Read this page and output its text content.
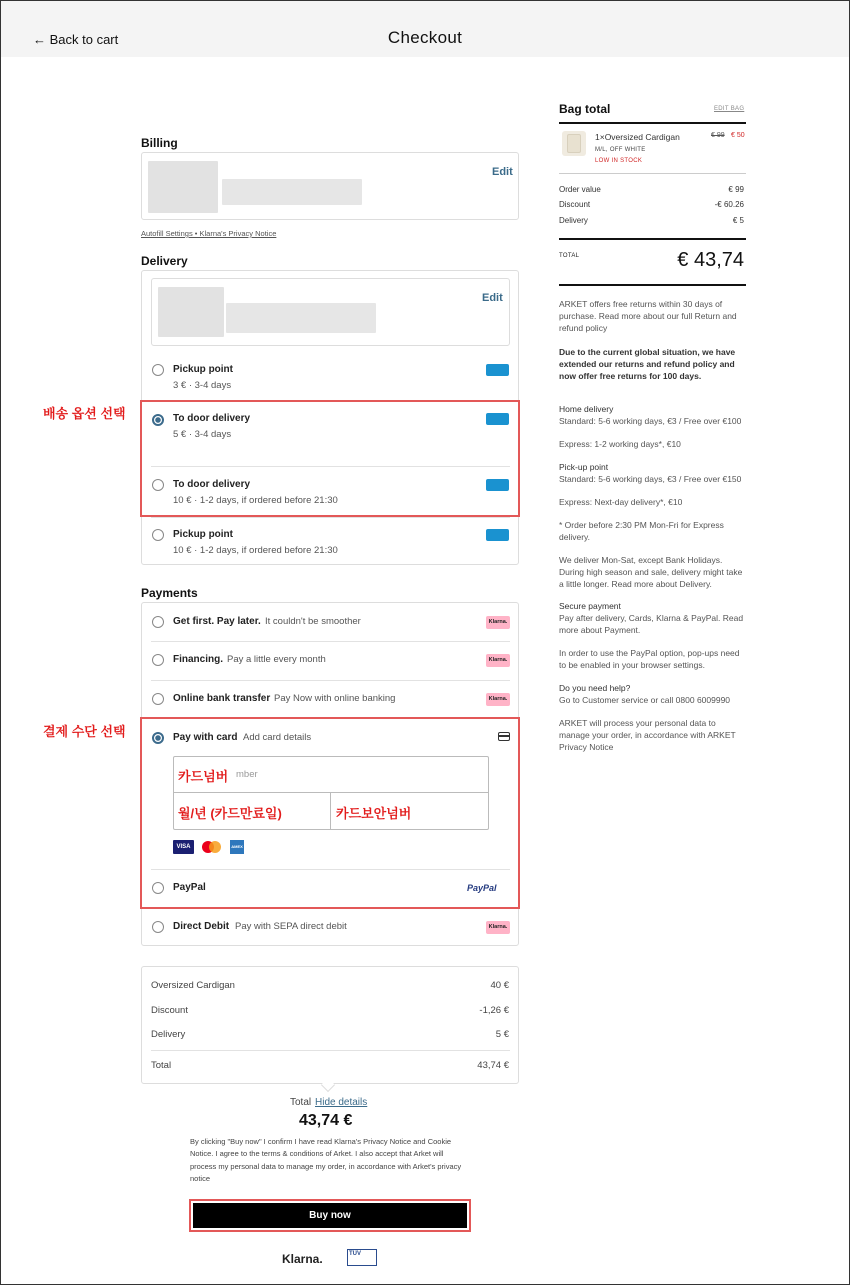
← Back to cart	Checkout
Billing
Edit
Autofill Settings • Klarna's Privacy Notice
Delivery
Edit
Pickup point
3 € · 3-4 days
To door delivery
5 € · 3-4 days
To door delivery
10 € · 1-2 days, if ordered before 21:30
Pickup point
10 € · 1-2 days, if ordered before 21:30
배송 옵션 선택
Payments
Get first. Pay later. It couldn't be smoother	Klarna.
Financing. Pay a little every month	Klarna.
Online bank transfer Pay Now with online banking	Klarna.
Pay with card Add card details
카드넘버 mber
월/년 (카드만료일)	카드보안넘버
VISA	AMEX
PayPal	PayPal
Direct Debit Pay with SEPA direct debit	Klarna.
결제 수단 선택
Oversized Cardigan	40 €
Discount	-1,26 €
Delivery	5 €
Total	43,74 €
Total Hide details
43,74 €
By clicking "Buy now" I confirm I have read Klarna's Privacy Notice and Cookie Notice. I agree to the terms & conditions of Arket. I also accept that Arket will process my personal data to manage my order, in accordance with Arket's privacy notice
Buy now
Klarna.	TÜV
Bag total	EDIT BAG
1×Oversized Cardigan
M/L, OFF WHITE
LOW IN STOCK
€ 99 € 50
Order value	€ 99
Discount	-€ 60.26
Delivery	€ 5
TOTAL	€ 43,74
ARKET offers free returns within 30 days of purchase. Read more about our full Return and refund policy
Due to the current global situation, we have extended our returns and refund policy and now offer free returns for 100 days.
Home delivery
Standard: 5-6 working days, €3 / Free over €100
Express: 1-2 working days*, €10
Pick-up point
Standard: 5-6 working days, €3 / Free over €150
Express: Next-day delivery*, €10
* Order before 2:30 PM Mon-Fri for Express delivery.
We deliver Mon-Sat, except Bank Holidays. During high season and sale, delivery might take a little longer. Read more about Delivery.
Secure payment
Pay after delivery, Cards, Klarna & PayPal. Read more about Payment.
In order to use the PayPal option, pop-ups need to be enabled in your browser settings.
Do you need help?
Go to Customer service or call 0800 6009990
ARKET will process your personal data to manage your order, in accordance with ARKET Privacy Notice
